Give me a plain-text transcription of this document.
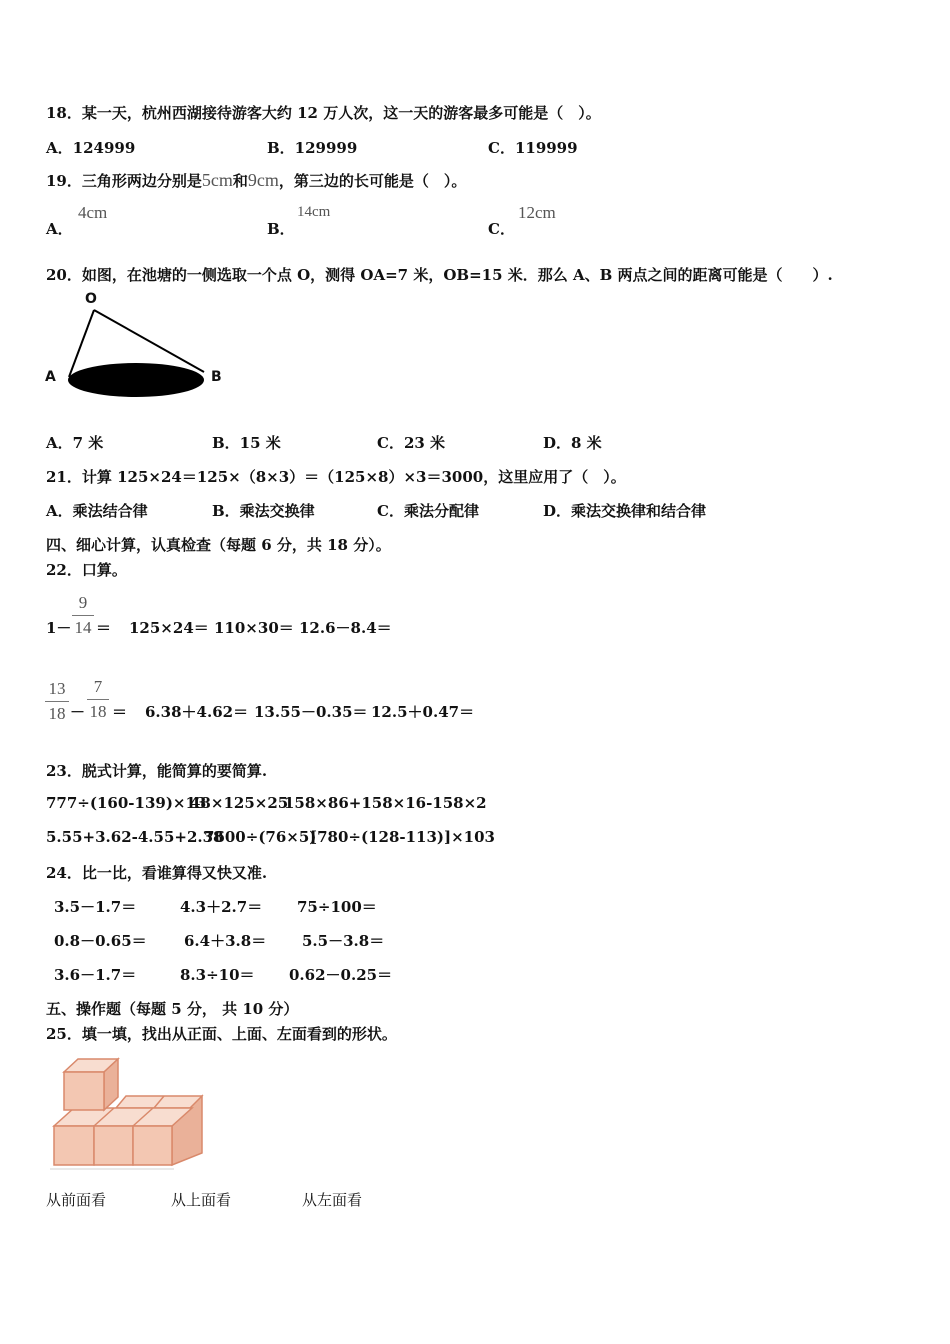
18．某一天，杭州西湖接待游客大约 12 万人次，这一天的游客最多可能是（　）。
A．124999	B．129999	C．119999
19．三角形两边分别是5cm和9cm，第三边的长可能是（　）。
A．
4cm
B．
14cm
C．
12cm
20．如图，在池塘的一侧选取一个点 O，测得 OA=7 米，OB=15 米．那么 A、B 两点之间的距离可能是（　　）.
O
A	B
A．7 米	B．15 米	C．23 米	D．8 米
21．计算 125×24＝125×（8×3）＝（125×8）×3＝3000，这里应用了（　）。
A．乘法结合律	B．乘法交换律	C．乘法分配律	D．乘法交换律和结合律
四、细心计算，认真检查（每题 6 分，共 18 分）。
22．口算。
1－
9
14 ＝ 125×24＝ 110×30＝ 12.6－8.4＝
13
18 －
7
18 ＝ 6.38＋4.62＝ 13.55－0.35＝ 12.5＋0.47＝
23．脱式计算，能简算的要简算.
777÷(160-139)×13
48×125×25
158×86+158×16-158×2
5.55+3.62-4.55+2.38
7600÷(76×5)
[780÷(128-113)]×103
24．比一比，看谁算得又快又准.
3.5－1.7＝	4.3＋2.7＝ 75÷100＝
0.8－0.65＝ 6.4＋3.8＝ 5.5－3.8＝
3.6－1.7＝	8.3÷10＝ 0.62－0.25＝
五、操作题（每题 5 分， 共 10 分）
25．填一填，找出从正面、上面、左面看到的形状。
从前面看	从上面看	从左面看
